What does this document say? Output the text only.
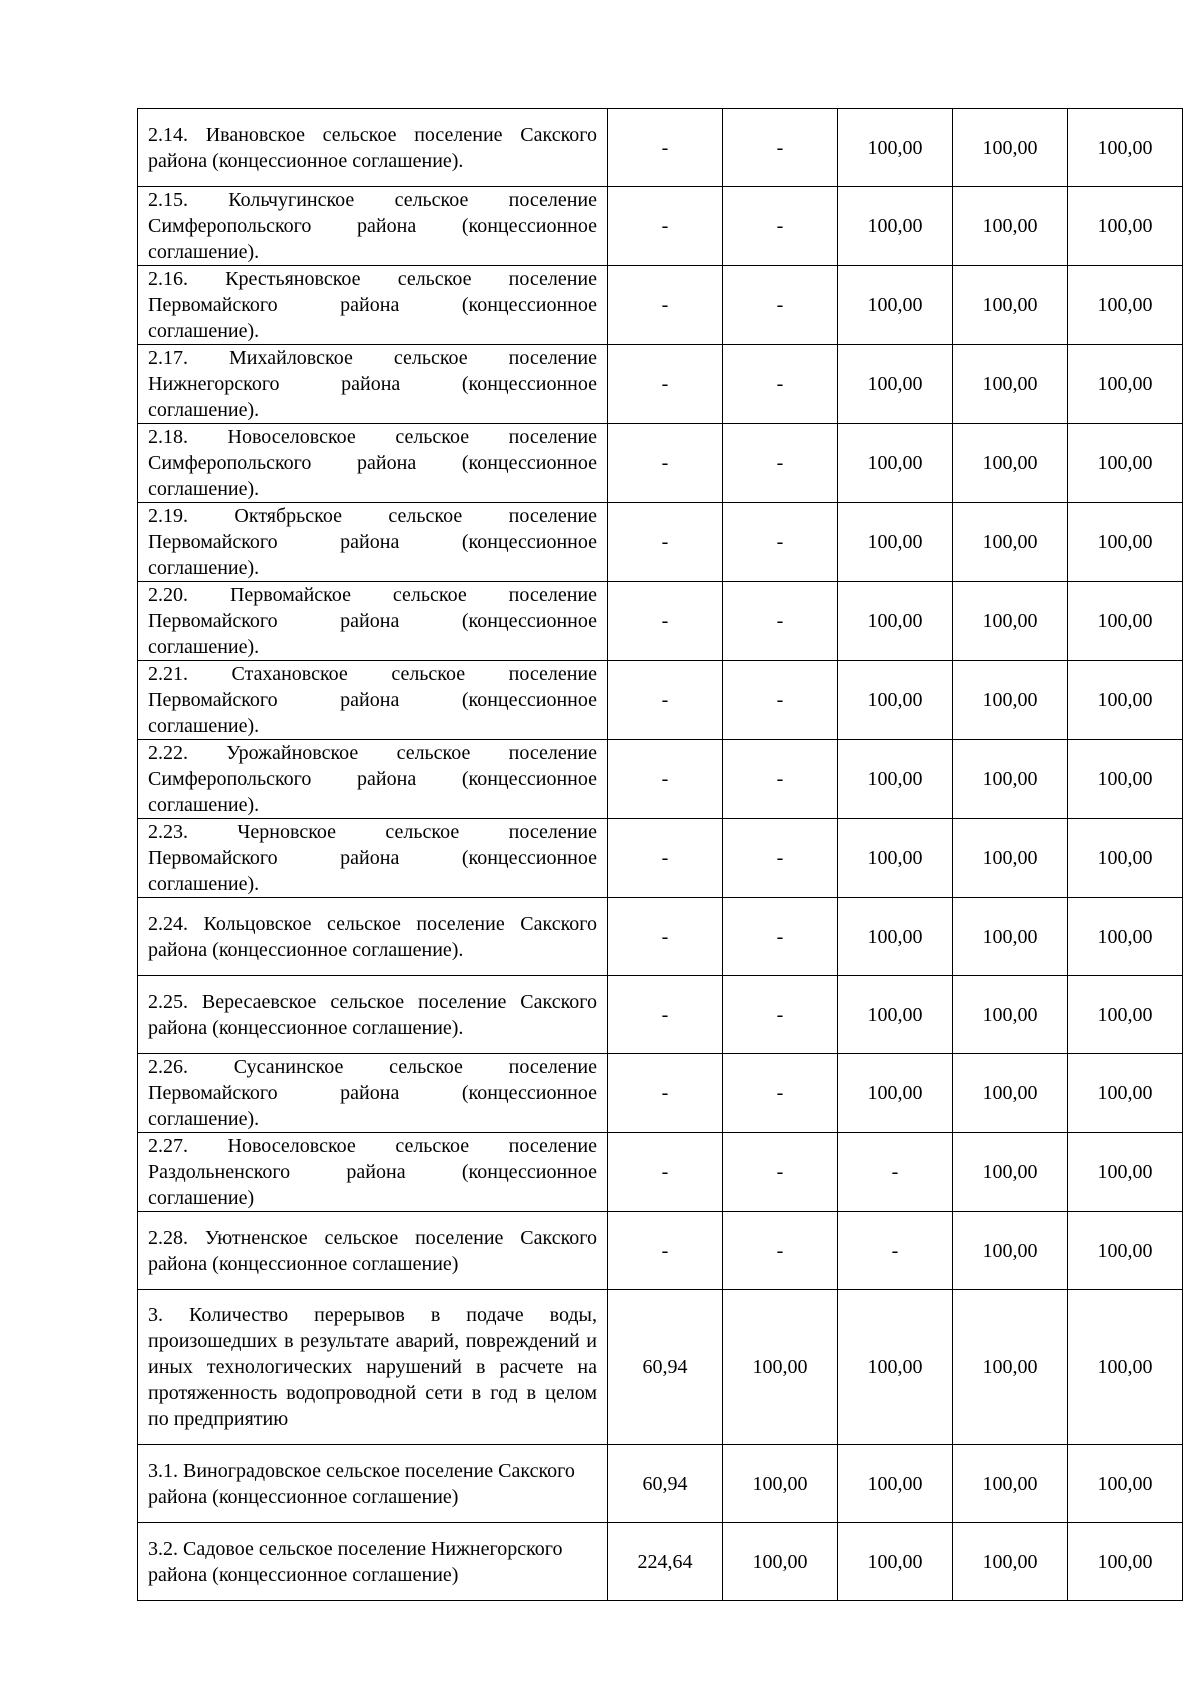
2.14. Ивановское сельское поселение Сакского района (концессионное соглашение).	-	-	100,00	100,00	100,00

2.15. Кольчугинское сельское поселение Симферопольского района (концессионное соглашение).	-	-	100,00	100,00	100,00

2.16. Крестьяновское сельское поселение Первомайского района (концессионное соглашение).	-	-	100,00	100,00	100,00

2.17. Михайловское сельское поселение Нижнегорского района (концессионное соглашение).	-	-	100,00	100,00	100,00

2.18. Новоселовское сельское поселение Симферопольского района (концессионное соглашение).	-	-	100,00	100,00	100,00

2.19. Октябрьское сельское поселение Первомайского района (концессионное соглашение).	-	-	100,00	100,00	100,00

2.20. Первомайское сельское поселение Первомайского района (концессионное соглашение).	-	-	100,00	100,00	100,00

2.21. Стахановское сельское поселение Первомайского района (концессионное соглашение).	-	-	100,00	100,00	100,00

2.22. Урожайновское сельское поселение Симферопольского района (концессионное соглашение).	-	-	100,00	100,00	100,00

2.23. Черновское сельское поселение Первомайского района (концессионное соглашение).	-	-	100,00	100,00	100,00

2.24. Кольцовское сельское поселение Сакского района (концессионное соглашение).	-	-	100,00	100,00	100,00

2.25. Вересаевское сельское поселение Сакского района (концессионное соглашение).	-	-	100,00	100,00	100,00

2.26. Сусанинское сельское поселение Первомайского района (концессионное соглашение).	-	-	100,00	100,00	100,00

2.27. Новоселовское сельское поселение Раздольненского района (концессионное соглашение)	-	-	-	100,00	100,00

2.28. Уютненское сельское поселение Сакского района (концессионное соглашение)	-	-	-	100,00	100,00

3. Количество перерывов в подаче воды, произошедших в результате аварий, повреждений и иных технологических нарушений в расчете на протяженность водопроводной сети в год в целом по предприятию	60,94	100,00	100,00	100,00	100,00

3.1. Виноградовское сельское поселение Сакского района (концессионное соглашение)	60,94	100,00	100,00	100,00	100,00

3.2. Садовое сельское поселение Нижнегорского района (концессионное соглашение)	224,64	100,00	100,00	100,00	100,00
